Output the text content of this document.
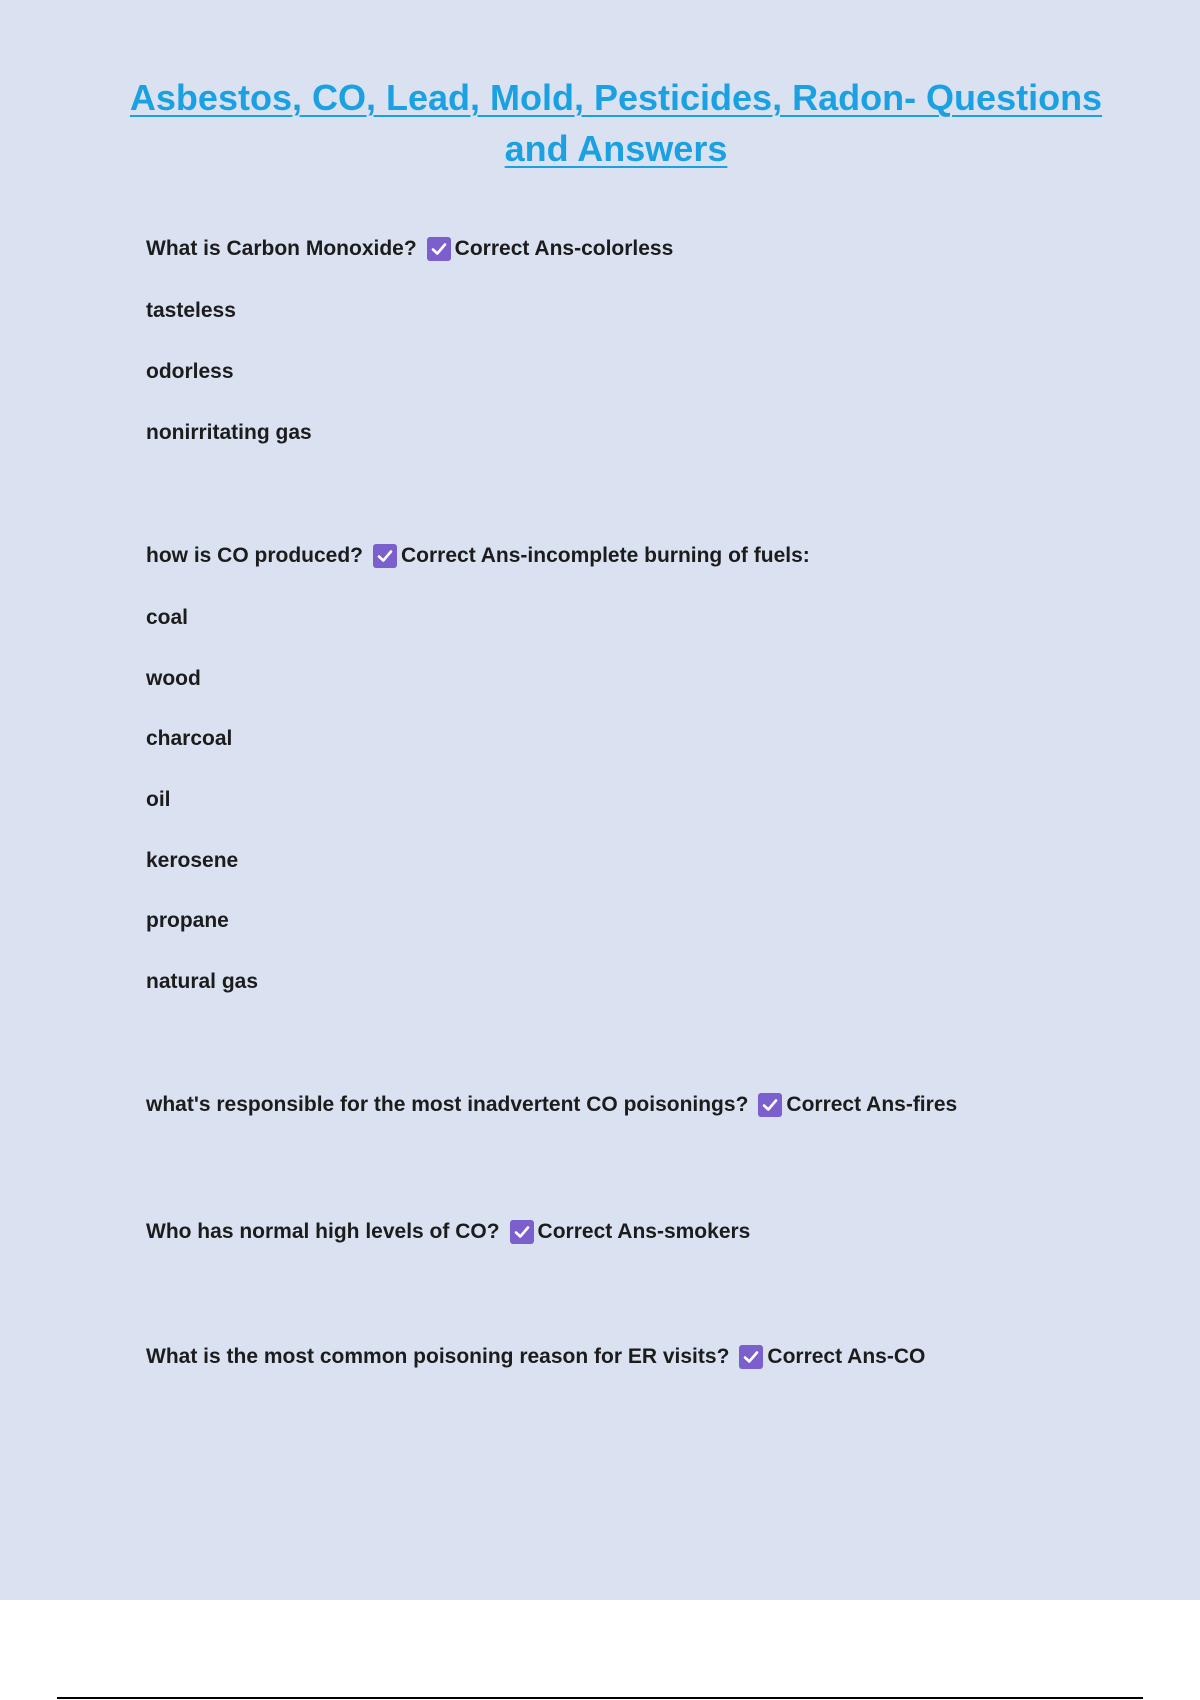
Asbestos, CO, Lead, Mold, Pesticides, Radon- Questions and Answers
What is Carbon Monoxide? Correct Ans-colorless
tasteless
odorless
nonirritating gas
how is CO produced? Correct Ans-incomplete burning of fuels:
coal
wood
charcoal
oil
kerosene
propane
natural gas
what's responsible for the most inadvertent CO poisonings? Correct Ans-fires
Who has normal high levels of CO? Correct Ans-smokers
What is the most common poisoning reason for ER visits? Correct Ans-CO
